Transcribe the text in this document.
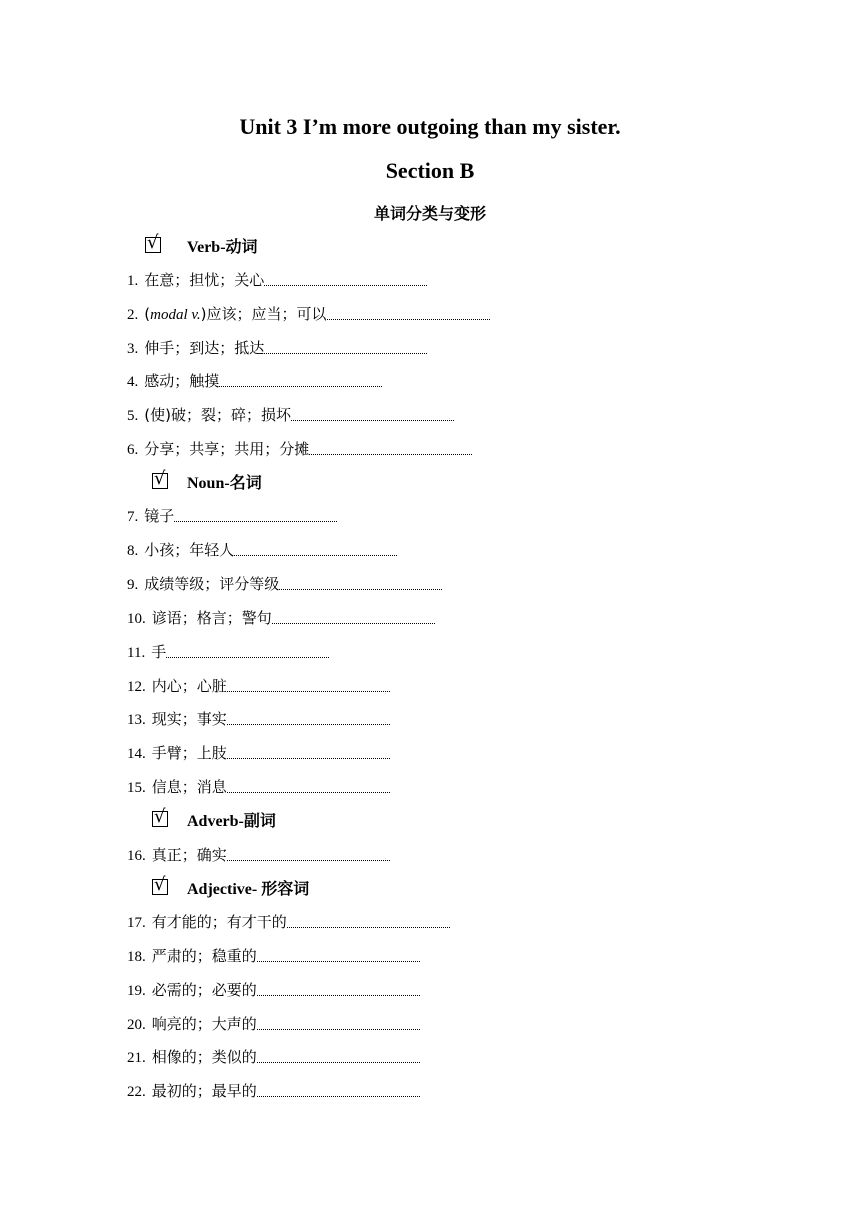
Unit 3 I’m more outgoing than my sister.
Section B
单词分类与变形
√ Verb-动词
1. 在意；担忧；关心
2. (modal v.)应该；应当；可以
3. 伸手；到达；抵达
4. 感动；触摸
5. (使)破；裂；碎；损坏
6. 分享；共享；共用；分摊
√ Noun-名词
7. 镜子
8. 小孩；年轻人
9. 成绩等级；评分等级
10. 谚语；格言；警句
11. 手
12. 内心；心脏
13. 现实；事实
14. 手臂；上肢
15. 信息；消息
√ Adverb-副词
16. 真正；确实
√ Adjective- 形容词
17. 有才能的；有才干的
18. 严肃的；稳重的
19. 必需的；必要的
20. 响亮的；大声的
21. 相像的；类似的
22. 最初的；最早的
